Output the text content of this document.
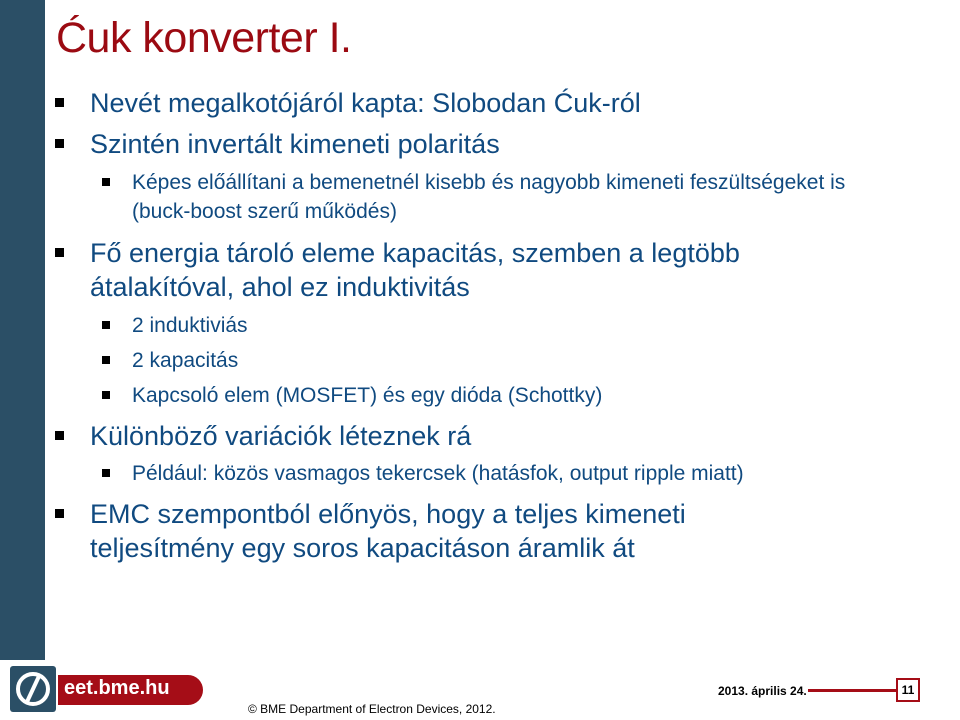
Ćuk konverter I.
Nevét megalkotójáról kapta: Slobodan Ćuk-ról
Szintén invertált kimeneti polaritás
Képes előállítani a bemenetnél kisebb és nagyobb kimeneti feszültségeket is (buck-boost szerű működés)
Fő energia tároló eleme kapacitás, szemben a legtöbb átalakítóval, ahol ez induktivitás
2 induktiviás
2 kapacitás
Kapcsoló elem (MOSFET) és egy dióda (Schottky)
Különböző variációk léteznek rá
Például: közös vasmagos tekercsek (hatásfok, output ripple miatt)
EMC szempontból előnyös, hogy a teljes kimeneti teljesítmény egy soros kapacitáson áramlik át
eet.bme.hu
© BME Department of Electron Devices, 2012.
2013. április 24.	11
